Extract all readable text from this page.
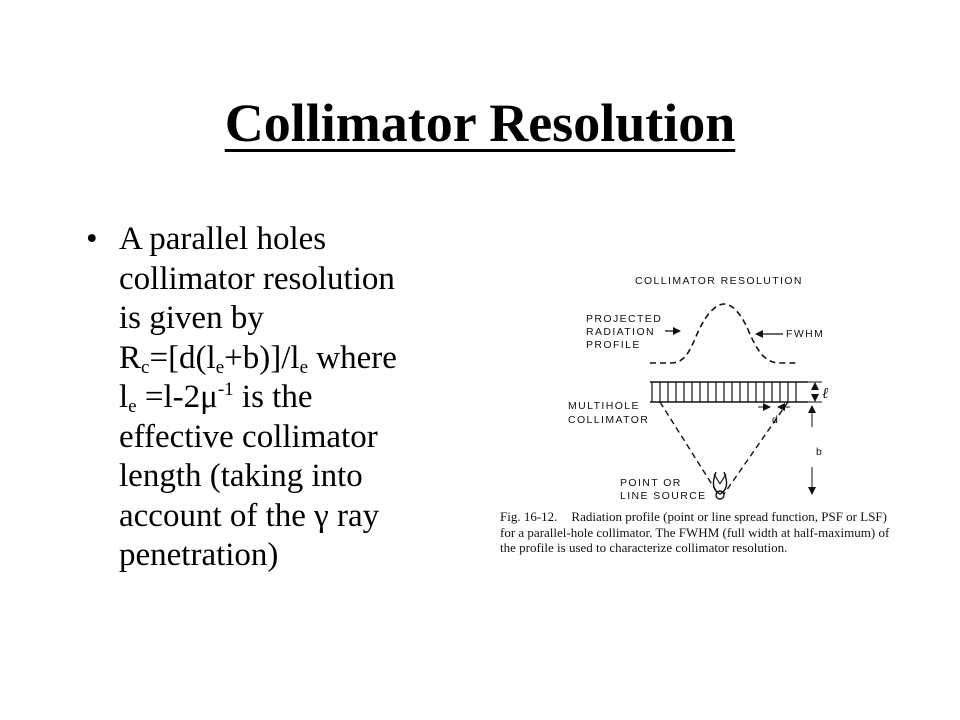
Collimator Resolution
• A parallel holes
collimator resolution
is given by
$R_c=[d(l_e+b)]/l_e$ where
$l_e =l-2\mu^{-1}$ is the
effective collimator
length (taking into
account of the γ ray
penetration)
COLLIMATOR RESOLUTION
PROJECTED
RADIATION
PROFILE
FWHM
MULTIHOLE
COLLIMATOR
ℓ
d
b
POINT OR
LINE SOURCE
Fig. 16-12. Radiation profile (point or line spread function, PSF or LSF) for a parallel-hole collimator. The FWHM (full width at half-maximum) of the profile is used to characterize collimator resolution.
